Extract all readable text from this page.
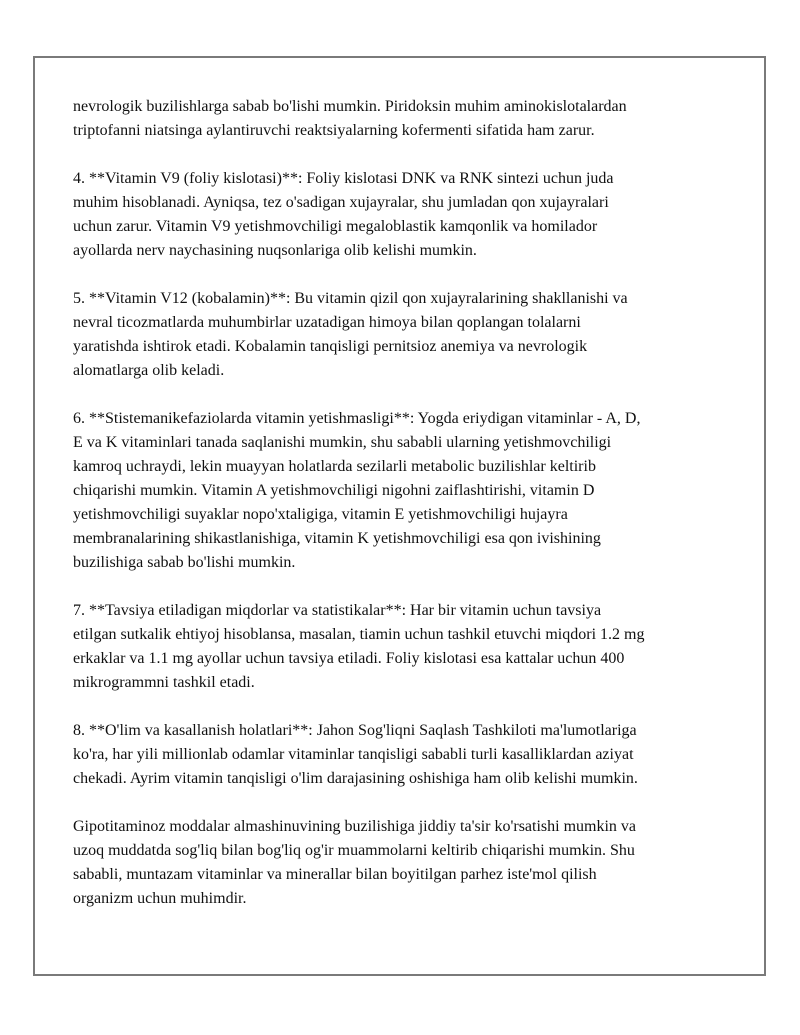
nevrologik buzilishlarga sabab bo'lishi mumkin. Piridoksin muhim aminokislotalardan
triptofanni niatsinga aylantiruvchi reaktsiyalarning kofermenti sifatida ham zarur.

4. **Vitamin V9 (foliy kislotasi)**: Foliy kislotasi DNK va RNK sintezi uchun juda
muhim hisoblanadi. Ayniqsa, tez o'sadigan xujayralar, shu jumladan qon xujayralari
uchun zarur. Vitamin V9 yetishmovchiligi megaloblastik kamqonlik va homilador
ayollarda nerv naychasining nuqsonlariga olib kelishi mumkin.

5. **Vitamin V12 (kobalamin)**: Bu vitamin qizil qon xujayralarining shakllanishi va
nevral ticozmatlarda muhumbirlar uzatadigan himoya bilan qoplangan tolalarni
yaratishda ishtirok etadi. Kobalamin tanqisligi pernitsioz anemiya va nevrologik
alomatlarga olib keladi.

6. **Stistemanikefaziolarda vitamin yetishmasligi**: Yogda eriydigan vitaminlar - A, D,
E va K vitaminlari tanada saqlanishi mumkin, shu sababli ularning yetishmovchiligi
kamroq uchraydi, lekin muayyan holatlarda sezilarli metabolic buzilishlar keltirib
chiqarishi mumkin. Vitamin A yetishmovchiligi nigohni zaiflashtirishi, vitamin D
yetishmovchiligi suyaklar nopo'xtaligiga, vitamin E yetishmovchiligi hujayra
membranalarining shikastlanishiga, vitamin K yetishmovchiligi esa qon ivishining
buzilishiga sabab bo'lishi mumkin.

7. **Tavsiya etiladigan miqdorlar va statistikalar**: Har bir vitamin uchun tavsiya
etilgan sutkalik ehtiyoj hisoblansa, masalan, tiamin uchun tashkil etuvchi miqdori 1.2 mg
erkaklar va 1.1 mg ayollar uchun tavsiya etiladi. Foliy kislotasi esa kattalar uchun 400
mikrogrammni tashkil etadi.

8. **O'lim va kasallanish holatlari**: Jahon Sog'liqni Saqlash Tashkiloti ma'lumotlariga
ko'ra, har yili millionlab odamlar vitaminlar tanqisligi sababli turli kasalliklardan aziyat
chekadi. Ayrim vitamin tanqisligi o'lim darajasining oshishiga ham olib kelishi mumkin.

Gipotitaminoz moddalar almashinuvining buzilishiga jiddiy ta'sir ko'rsatishi mumkin va
uzoq muddatda sog'liq bilan bog'liq og'ir muammolarni keltirib chiqarishi mumkin. Shu
sababli, muntazam vitaminlar va minerallar bilan boyitilgan parhez iste'mol qilish
organizm uchun muhimdir.
